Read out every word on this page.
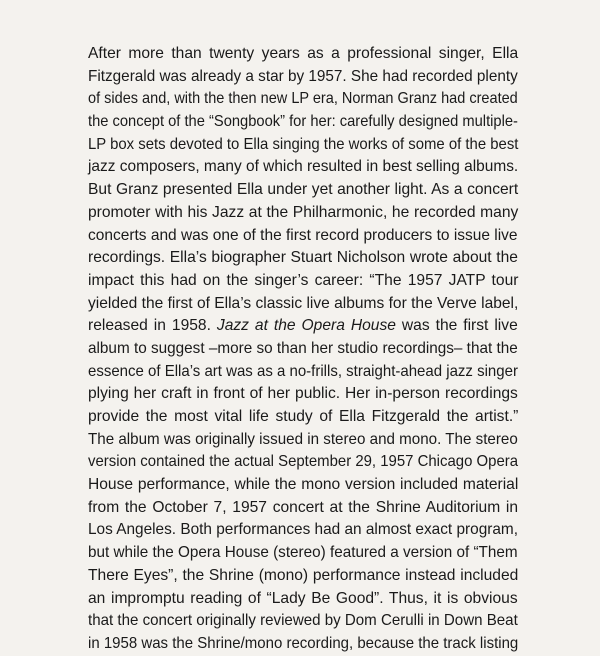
After more than twenty years as a professional singer, Ella
Fitzgerald was already a star by 1957. She had recorded plenty
of sides and, with the then new LP era, Norman Granz had created
the concept of the “Songbook” for her: carefully designed multiple-
LP box sets devoted to Ella singing the works of some of the best
jazz composers, many of which resulted in best selling albums.
But Granz presented Ella under yet another light. As a concert
promoter with his Jazz at the Philharmonic, he recorded many
concerts and was one of the first record producers to issue live
recordings. Ella’s biographer Stuart Nicholson wrote about the
impact this had on the singer’s career: “The 1957 JATP tour
yielded the first of Ella’s classic live albums for the Verve label,
released in 1958. Jazz at the Opera House was the first live
album to suggest –more so than her studio recordings– that the
essence of Ella’s art was as a no-frills, straight-ahead jazz singer
plying her craft in front of her public. Her in-person recordings
provide the most vital life study of Ella Fitzgerald the artist.”
The album was originally issued in stereo and mono. The stereo
version contained the actual September 29, 1957 Chicago Opera
House performance, while the mono version included material
from the October 7, 1957 concert at the Shrine Auditorium in
Los Angeles. Both performances had an almost exact program,
but while the Opera House (stereo) featured a version of “Them
There Eyes”, the Shrine (mono) performance instead included
an impromptu reading of “Lady Be Good”. Thus, it is obvious
that the concert originally reviewed by Dom Cerulli in Down Beat
in 1958 was the Shrine/mono recording, because the track listing
